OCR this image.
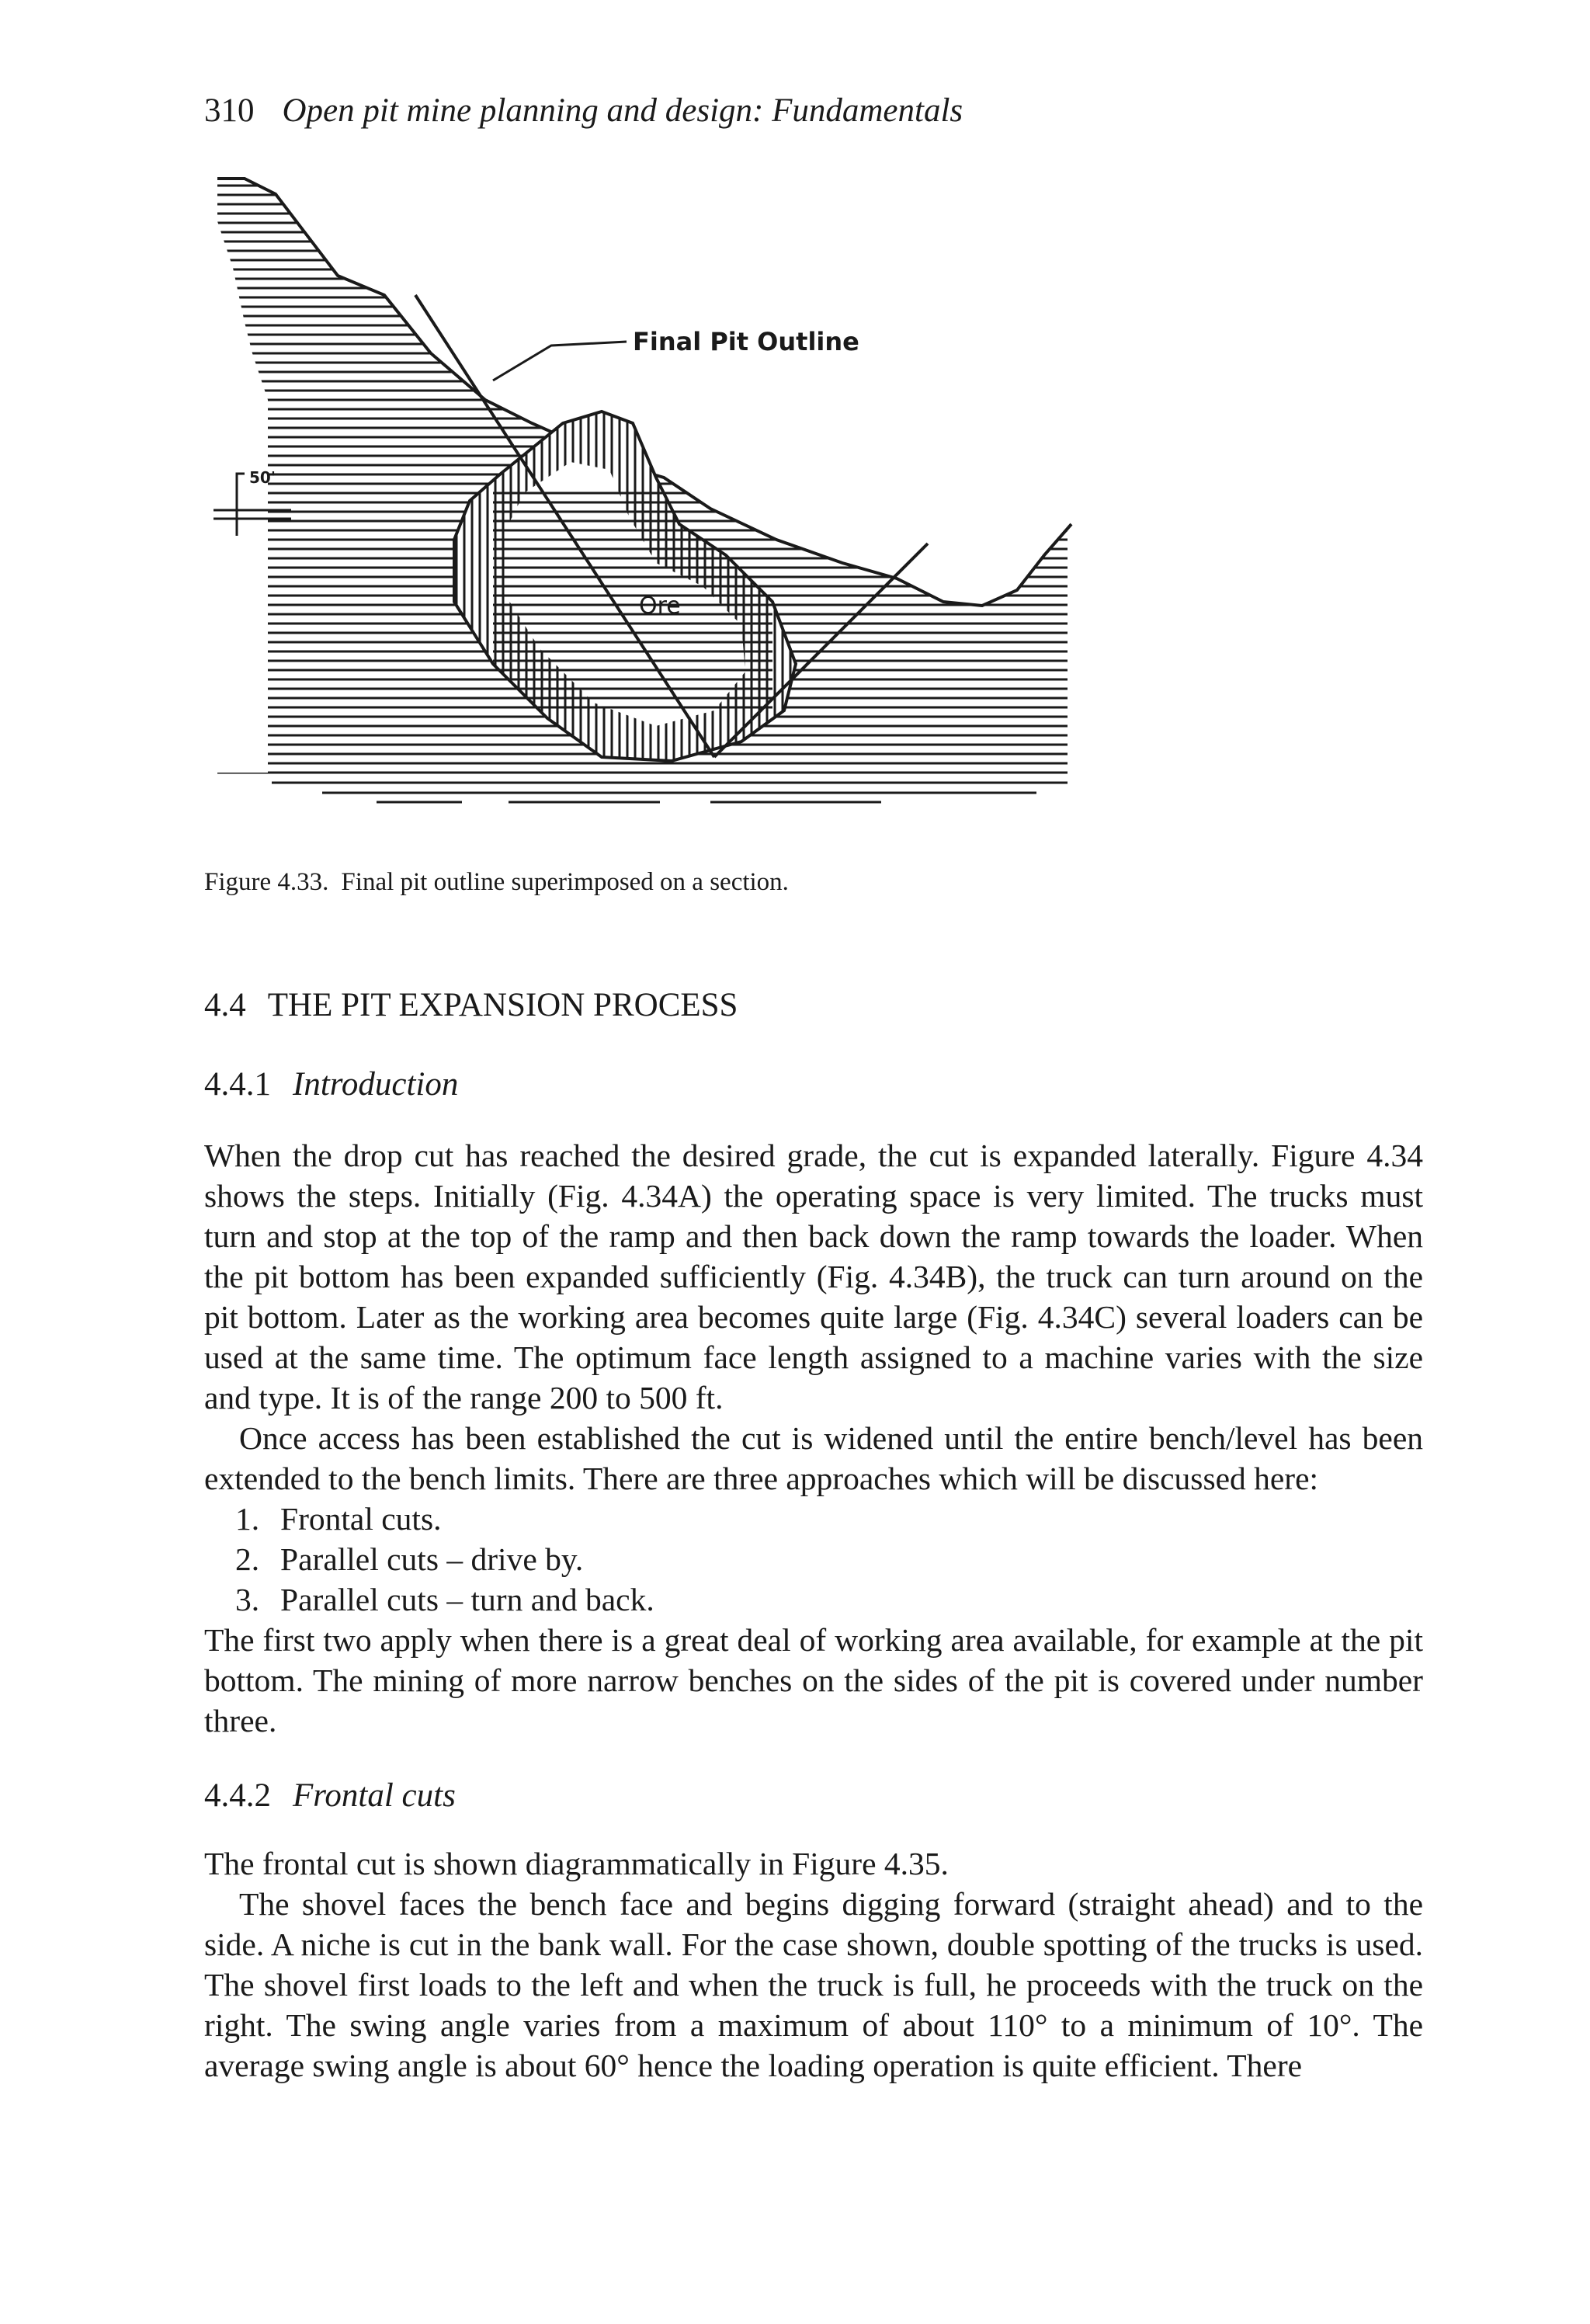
310 Open pit mine planning and design: Fundamentals
Final Pit Outline
Ore
50'
Figure 4.33. Final pit outline superimposed on a section.
4.4 THE PIT EXPANSION PROCESS
4.4.1 Introduction

When the drop cut has reached the desired grade, the cut is expanded laterally. Figure 4.34 shows the steps. Initially (Fig. 4.34A) the operating space is very limited. The trucks must turn and stop at the top of the ramp and then back down the ramp towards the loader. When the pit bottom has been expanded sufficiently (Fig. 4.34B), the truck can turn around on the pit bottom. Later as the working area becomes quite large (Fig. 4.34C) several loaders can be used at the same time. The optimum face length assigned to a machine varies with the size and type. It is of the range 200 to 500 ft.

Once access has been established the cut is widened until the entire bench/level has been extended to the bench limits. There are three approaches which will be discussed here:

1. Frontal cuts.
2. Parallel cuts – drive by.
3. Parallel cuts – turn and back.

The first two apply when there is a great deal of working area available, for example at the pit bottom. The mining of more narrow benches on the sides of the pit is covered under number three.

4.4.2 Frontal cuts

The frontal cut is shown diagrammatically in Figure 4.35.

The shovel faces the bench face and begins digging forward (straight ahead) and to the side. A niche is cut in the bank wall. For the case shown, double spotting of the trucks is used. The shovel first loads to the left and when the truck is full, he proceeds with the truck on the right. The swing angle varies from a maximum of about 110° to a minimum of 10°. The average swing angle is about 60° hence the loading operation is quite efficient. There
